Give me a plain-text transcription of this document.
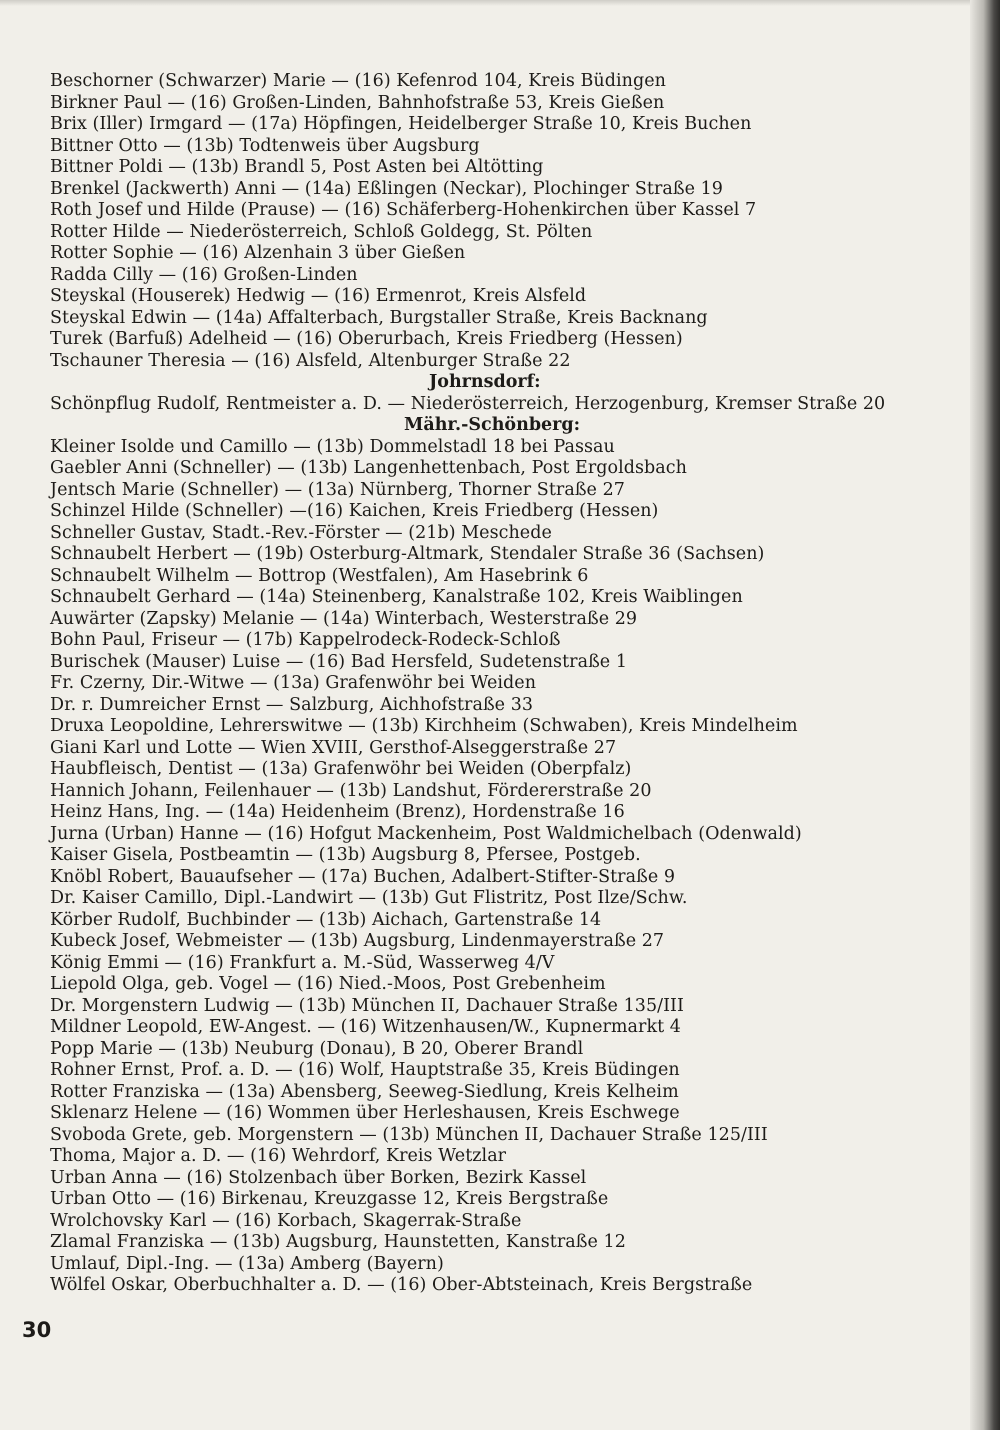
Beschorner (Schwarzer) Marie — (16) Kefenrod 104, Kreis Büdingen
Birkner Paul — (16) Großen-Linden, Bahnhofstraße 53, Kreis Gießen
Brix (Iller) Irmgard — (17a) Höpfingen, Heidelberger Straße 10, Kreis Buchen
Bittner Otto — (13b) Todtenweis über Augsburg
Bittner Poldi — (13b) Brandl 5, Post Asten bei Altötting
Brenkel (Jackwerth) Anni — (14a) Eßlingen (Neckar), Plochinger Straße 19
Roth Josef und Hilde (Prause) — (16) Schäferberg-Hohenkirchen über Kassel 7
Rotter Hilde — Niederösterreich, Schloß Goldegg, St. Pölten
Rotter Sophie — (16) Alzenhain 3 über Gießen
Radda Cilly — (16) Großen-Linden
Steyskal (Houserek) Hedwig — (16) Ermenrot, Kreis Alsfeld
Steyskal Edwin — (14a) Affalterbach, Burgstaller Straße, Kreis Backnang
Turek (Barfuß) Adelheid — (16) Oberurbach, Kreis Friedberg (Hessen)
Tschauner Theresia — (16) Alsfeld, Altenburger Straße 22
Johrnsdorf:
Schönpflug Rudolf, Rentmeister a. D. — Niederösterreich, Herzogenburg, Kremser Straße 20
Mähr.-Schönberg:
Kleiner Isolde und Camillo — (13b) Dommelstadl 18 bei Passau
Gaebler Anni (Schneller) — (13b) Langenhettenbach, Post Ergoldsbach
Jentsch Marie (Schneller) — (13a) Nürnberg, Thorner Straße 27
Schinzel Hilde (Schneller) —(16) Kaichen, Kreis Friedberg (Hessen)
Schneller Gustav, Stadt.-Rev.-Förster — (21b) Meschede
Schnaubelt Herbert — (19b) Osterburg-Altmark, Stendaler Straße 36 (Sachsen)
Schnaubelt Wilhelm — Bottrop (Westfalen), Am Hasebrink 6
Schnaubelt Gerhard — (14a) Steinenberg, Kanalstraße 102, Kreis Waiblingen
Auwärter (Zapsky) Melanie — (14a) Winterbach, Westerstraße 29
Bohn Paul, Friseur — (17b) Kappelrodeck-Rodeck-Schloß
Burischek (Mauser) Luise — (16) Bad Hersfeld, Sudetenstraße 1
Fr. Czerny, Dir.-Witwe — (13a) Grafenwöhr bei Weiden
Dr. r. Dumreicher Ernst — Salzburg, Aichhofstraße 33
Druxa Leopoldine, Lehrerswitwe — (13b) Kirchheim (Schwaben), Kreis Mindelheim
Giani Karl und Lotte — Wien XVIII, Gersthof-Alseggerstraße 27
Haubfleisch, Dentist — (13a) Grafenwöhr bei Weiden (Oberpfalz)
Hannich Johann, Feilenhauer — (13b) Landshut, Fördererstraße 20
Heinz Hans, Ing. — (14a) Heidenheim (Brenz), Hordenstraße 16
Jurna (Urban) Hanne — (16) Hofgut Mackenheim, Post Waldmichelbach (Odenwald)
Kaiser Gisela, Postbeamtin — (13b) Augsburg 8, Pfersee, Postgeb.
Knöbl Robert, Bauaufseher — (17a) Buchen, Adalbert-Stifter-Straße 9
Dr. Kaiser Camillo, Dipl.-Landwirt — (13b) Gut Flistritz, Post Ilze/Schw.
Körber Rudolf, Buchbinder — (13b) Aichach, Gartenstraße 14
Kubeck Josef, Webmeister — (13b) Augsburg, Lindenmayerstraße 27
König Emmi — (16) Frankfurt a. M.-Süd, Wasserweg 4/V
Liepold Olga, geb. Vogel — (16) Nied.-Moos, Post Grebenheim
Dr. Morgenstern Ludwig — (13b) München II, Dachauer Straße 135/III
Mildner Leopold, EW-Angest. — (16) Witzenhausen/W., Kupnermarkt 4
Popp Marie — (13b) Neuburg (Donau), B 20, Oberer Brandl
Rohner Ernst, Prof. a. D. — (16) Wolf, Hauptstraße 35, Kreis Büdingen
Rotter Franziska — (13a) Abensberg, Seeweg-Siedlung, Kreis Kelheim
Sklenarz Helene — (16) Wommen über Herleshausen, Kreis Eschwege
Svoboda Grete, geb. Morgenstern — (13b) München II, Dachauer Straße 125/III
Thoma, Major a. D. — (16) Wehrdorf, Kreis Wetzlar
Urban Anna — (16) Stolzenbach über Borken, Bezirk Kassel
Urban Otto — (16) Birkenau, Kreuzgasse 12, Kreis Bergstraße
Wrolchovsky Karl — (16) Korbach, Skagerrak-Straße
Zlamal Franziska — (13b) Augsburg, Haunstetten, Kanstraße 12
Umlauf, Dipl.-Ing. — (13a) Amberg (Bayern)
Wölfel Oskar, Oberbuchhalter a. D. — (16) Ober-Abtsteinach, Kreis Bergstraße
30
